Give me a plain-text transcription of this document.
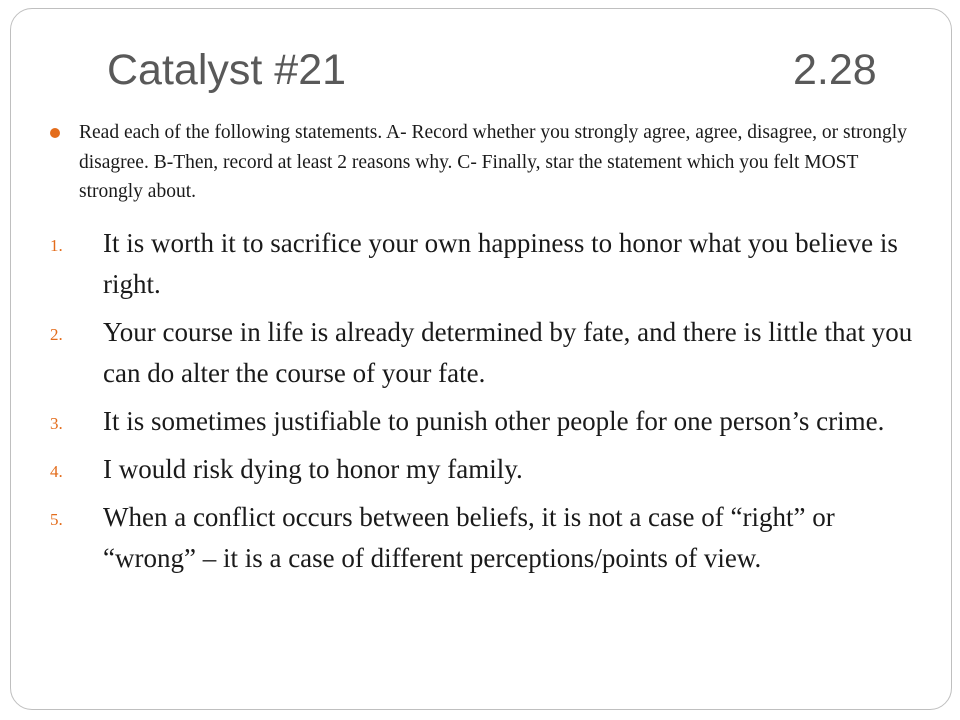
Catalyst #21	2.28
Read each of the following statements. A- Record whether you strongly agree, agree, disagree, or strongly disagree. B-Then, record at least 2 reasons why. C- Finally, star the statement which you felt MOST strongly about.
1. It is worth it to sacrifice your own happiness to honor what you believe is right.
2. Your course in life is already determined by fate, and there is little that you can do alter the course of your fate.
3. It is sometimes justifiable to punish other people for one person’s crime.
4. I would risk dying to honor my family.
5. When a conflict occurs between beliefs, it is not a case of “right” or “wrong” – it is a case of different perceptions/points of view.
